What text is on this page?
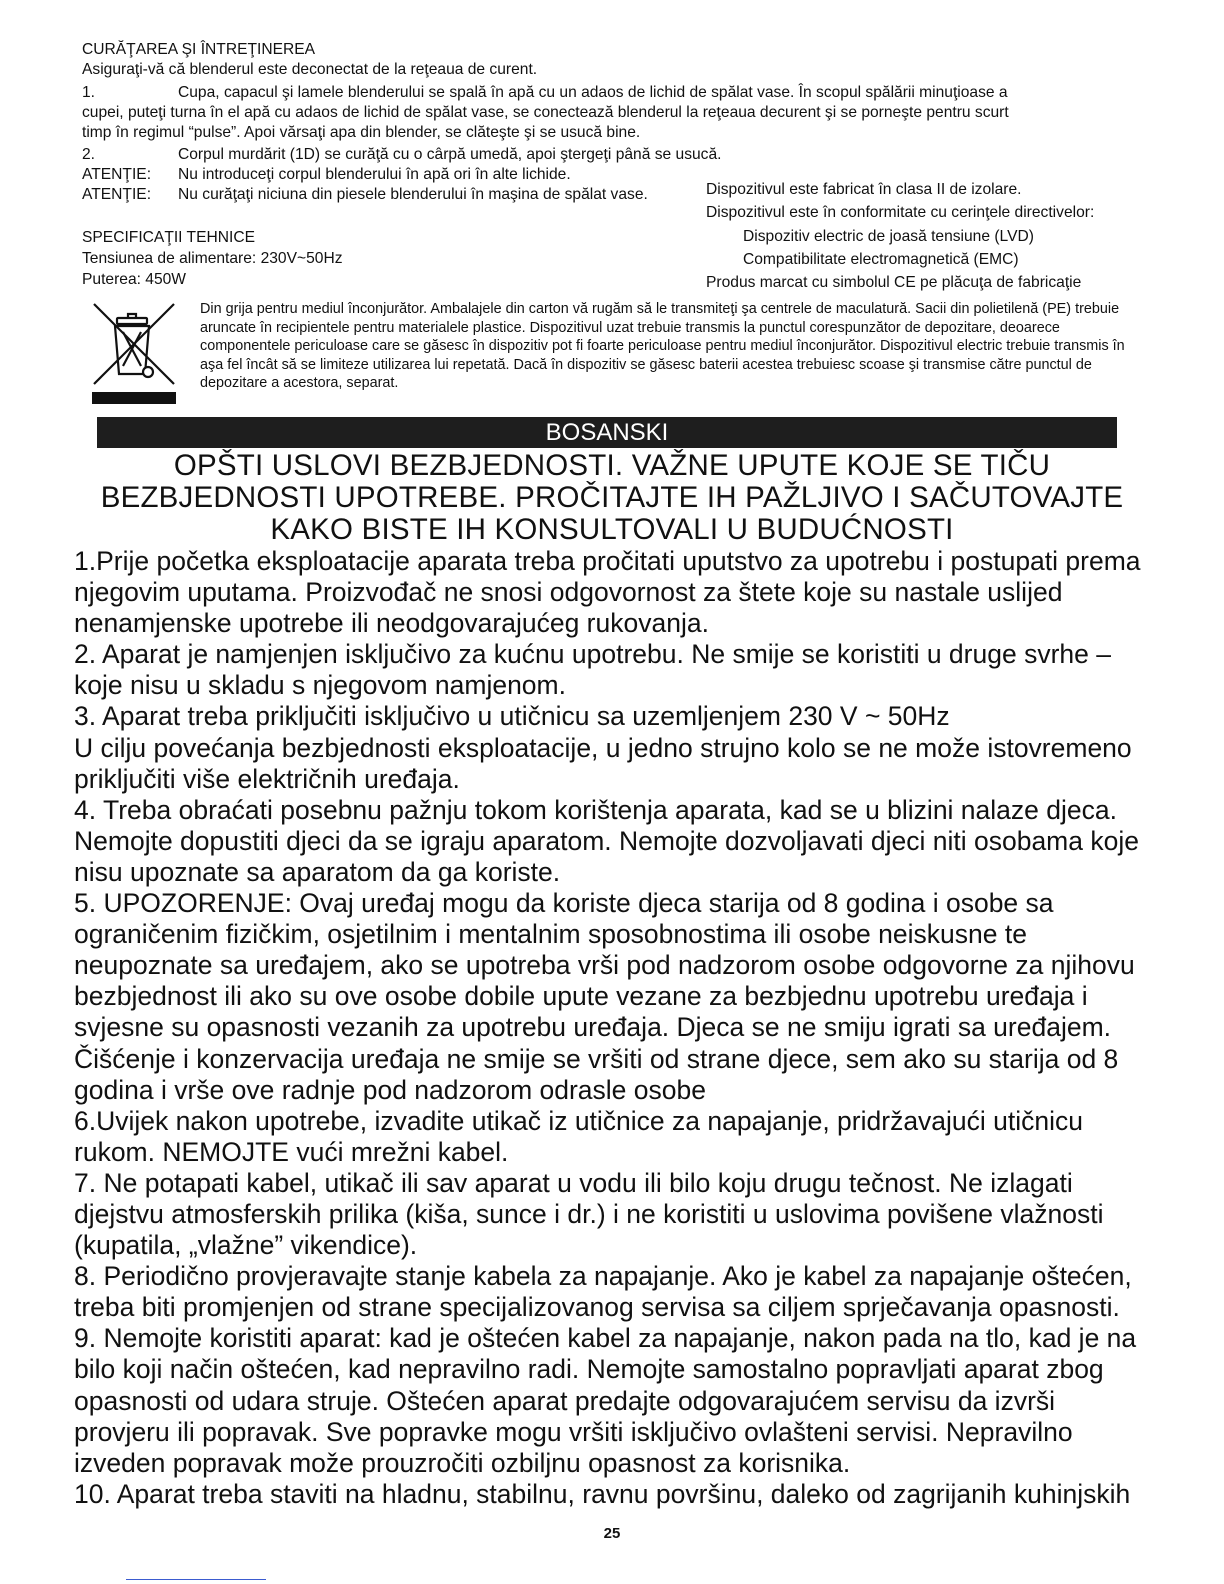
CURĂŢAREA ŞI ÎNTREŢINEREA
Asiguraţi-vă că blenderul este deconectat de la reţeaua de curent.
1.	Cupa, capacul şi lamele blenderului se spală în apă cu un adaos de lichid de spălat vase. În scopul spălării minuţioase a
cupei, puteţi turna în el apă cu adaos de lichid de spălat vase, se conectează blenderul la reţeaua decurent şi se porneşte pentru scurt
timp în regimul “pulse”. Apoi vărsaţi apa din blender, se clăteşte şi se usucă bine.
2.	Corpul murdărit (1D) se curăţă cu o cârpă umedă, apoi ştergeţi până se usucă.
ATENŢIE: Nu introduceţi corpul blenderului în apă ori în alte lichide.
ATENŢIE: Nu curăţaţi niciuna din piesele blenderului în maşina de spălat vase.
SPECIFICAŢII TEHNICE
Tensiunea de alimentare: 230V~50Hz
Puterea: 450W
Dispozitivul este fabricat în clasa II de izolare.
Dispozitivul este în conformitate cu cerinţele directivelor:
Dispozitiv electric de joasă tensiune (LVD)
Compatibilitate electromagnetică (EMC)
Produs marcat cu simbolul CE pe plăcuţa de fabricaţie
Din grija pentru mediul înconjurător. Ambalajele din carton vă rugăm să le transmiteţi şa centrele de maculatură. Sacii din polietilenă (PE) trebuie aruncate în recipientele pentru materialele plastice. Dispozitivul uzat trebuie transmis la punctul corespunzător de depozitare, deoarece componentele periculoase care se găsesc în dispozitiv pot fi foarte periculoase pentru mediul înconjurător. Dispozitivul electric trebuie transmis în aşa fel încât să se limiteze utilizarea lui repetată. Dacă în dispozitiv se găsesc baterii acestea trebuiesc scoase şi transmise către punctul de depozitare a acestora, separat.
BOSANSKI
OPŠTI USLOVI BEZBJEDNOSTI. VAŽNE UPUTE KOJE SE TIČU BEZBJEDNOSTI UPOTREBE. PROČITAJTE IH PAŽLJIVO I SAČUTOVAJTE KAKO BISTE IH KONSULTOVALI U BUDUĆNOSTI

1.Prije početka eksploatacije aparata treba pročitati uputstvo za upotrebu i postupati prema njegovim uputama. Proizvođač ne snosi odgovornost za štete koje su nastale uslijed nenamjenske upotrebe ili neodgovarajućeg rukovanja.

2. Aparat je namjenjen isključivo za kućnu upotrebu. Ne smije se koristiti u druge svrhe – koje nisu u skladu s njegovom namjenom.

3. Aparat treba priključiti isključivo u utičnicu sa uzemljenjem 230 V ~ 50Hz

U cilju povećanja bezbjednosti eksploatacije, u jedno strujno kolo se ne može istovremeno priključiti više električnih uređaja.

4. Treba obraćati posebnu pažnju tokom korištenja aparata, kad se u blizini nalaze djeca. Nemojte dopustiti djeci da se igraju aparatom. Nemojte dozvoljavati djeci niti osobama koje nisu upoznate sa aparatom da ga koriste.

5. UPOZORENJE: Ovaj uređaj mogu da koriste djeca starija od 8 godina i osobe sa ograničenim fizičkim, osjetilnim i mentalnim sposobnostima ili osobe neiskusne te neupoznate sa uređajem, ako se upotreba vrši pod nadzorom osobe odgovorne za njihovu bezbjednost ili ako su ove osobe dobile upute vezane za bezbjednu upotrebu uređaja i svjesne su opasnosti vezanih za upotrebu uređaja. Djeca se ne smiju igrati sa uređajem. Čišćenje i konzervacija uređaja ne smije se vršiti od strane djece, sem ako su starija od 8 godina i vrše ove radnje pod nadzorom odrasle osobe

6.Uvijek nakon upotrebe, izvadite utikač iz utičnice za napajanje, pridržavajući utičnicu rukom. NEMOJTE vući mrežni kabel.

7. Ne potapati kabel, utikač ili sav aparat u vodu ili bilo koju drugu tečnost. Ne izlagati djejstvu atmosferskih prilika (kiša, sunce i dr.) i ne koristiti u uslovima povišene vlažnosti (kupatila, „vlažne” vikendice).

8. Periodično provjeravajte stanje kabela za napajanje. Ako je kabel za napajanje oštećen, treba biti promjenjen od strane specijalizovanog servisa sa ciljem sprječavanja opasnosti.

9. Nemojte koristiti aparat: kad je oštećen kabel za napajanje, nakon pada na tlo, kad je na bilo koji način oštećen, kad nepravilno radi. Nemojte samostalno popravljati aparat zbog opasnosti od udara struje. Oštećen aparat predajte odgovarajućem servisu da izvrši provjeru ili popravak. Sve popravke mogu vršiti isključivo ovlašteni servisi. Nepravilno izveden popravak može prouzročiti ozbiljnu opasnost za korisnika.

10. Aparat treba staviti na hladnu, stabilnu, ravnu površinu, daleko od zagrijanih kuhinjskih

25
